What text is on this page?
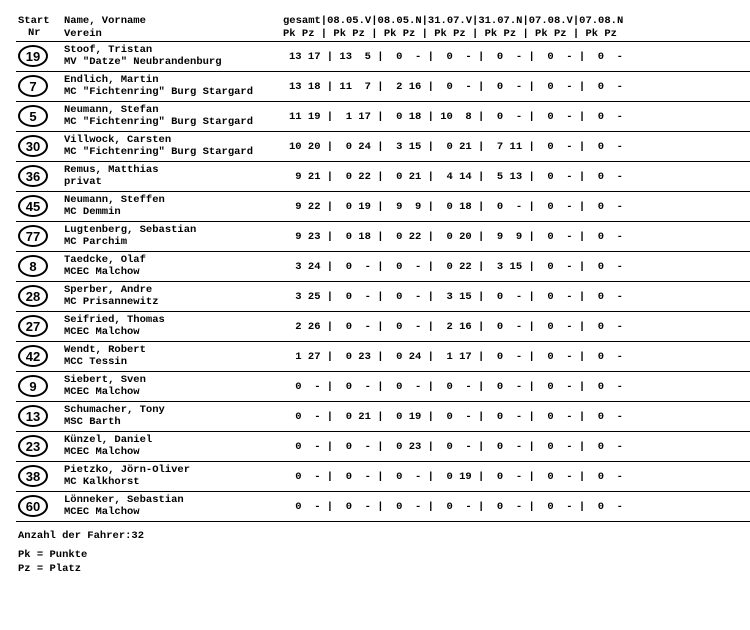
Start
Nr
Name, Vorname
Verein
gesamt|08.05.V|08.05.N|31.07.V|31.07.N|07.08.V|07.08.N
Pk Pz | Pk Pz | Pk Pz | Pk Pz | Pk Pz | Pk Pz | Pk Pz
19	Stoof, Tristan
MV "Datze" Neubrandenburg	13 17 | 13  5 |  0  - |  0  - |  0  - |  0  - |  0  -
7	Endlich, Martin
MC "Fichtenring" Burg Stargard	13 18 | 11  7 |  2 16 |  0  - |  0  - |  0  - |  0  -
5	Neumann, Stefan
MC "Fichtenring" Burg Stargard	11 19 |  1 17 |  0 18 | 10  8 |  0  - |  0  - |  0  -
30	Villwock, Carsten
MC "Fichtenring" Burg Stargard	10 20 |  0 24 |  3 15 |  0 21 |  7 11 |  0  - |  0  -
36	Remus, Matthias
privat	9 21 |  0 22 |  0 21 |  4 14 |  5 13 |  0  - |  0  -
45	Neumann, Steffen
MC Demmin	9 22 |  0 19 |  9  9 |  0 18 |  0  - |  0  - |  0  -
77	Lugtenberg, Sebastian
MC Parchim	9 23 |  0 18 |  0 22 |  0 20 |  9  9 |  0  - |  0  -
8	Taedcke, Olaf
MCEC Malchow	3 24 |  0  - |  0  - |  0 22 |  3 15 |  0  - |  0  -
28	Sperber, Andre
MC Prisannewitz	3 25 |  0  - |  0  - |  3 15 |  0  - |  0  - |  0  -
27	Seifried, Thomas
MCEC Malchow	2 26 |  0  - |  0  - |  2 16 |  0  - |  0  - |  0  -
42	Wendt, Robert
MCC Tessin	1 27 |  0 23 |  0 24 |  1 17 |  0  - |  0  - |  0  -
9	Siebert, Sven
MCEC Malchow	0  - |  0  - |  0  - |  0  - |  0  - |  0  - |  0  -
13	Schumacher, Tony
MSC Barth	0  - |  0 21 |  0 19 |  0  - |  0  - |  0  - |  0  -
23	Künzel, Daniel
MCEC Malchow	0  - |  0  - |  0 23 |  0  - |  0  - |  0  - |  0  -
38	Pietzko, Jörn-Oliver
MC Kalkhorst	0  - |  0  - |  0  - |  0 19 |  0  - |  0  - |  0  -
60	Lönneker, Sebastian
MCEC Malchow	0  - |  0  - |  0  - |  0  - |  0  - |  0  - |  0  -
Anzahl der Fahrer:32
Pk = Punkte
Pz = Platz
